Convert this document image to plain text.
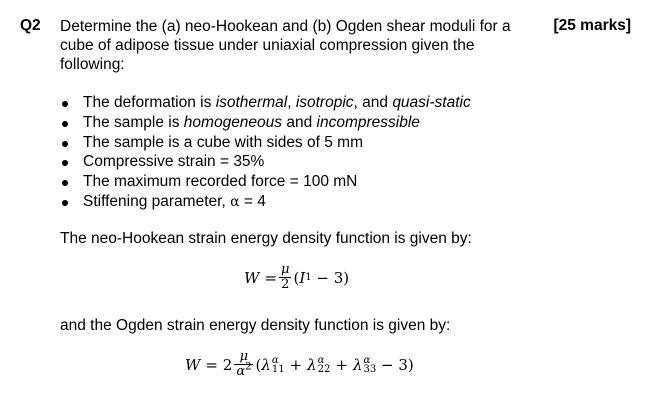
Q2 Determine the (a) neo-Hookean and (b) Ogden shear moduli for a cube of adipose tissue under uniaxial compression given the following:
[25 marks]
The deformation is isothermal, isotropic, and quasi-static
The sample is homogeneous and incompressible
The sample is a cube with sides of 5 mm
Compressive strain = 35%
The maximum recorded force = 100 mN
Stiffening parameter, α = 4
The neo-Hookean strain energy density function is given by:
$W = \frac{\mu}{2}$ ( I 1 − 3)
and the Ogden strain energy density function is given by:
$W = 2 \frac{\mu}{\alpha^2}$ ( λ α
11 + λ α
22 + λ α
33 − 3)
